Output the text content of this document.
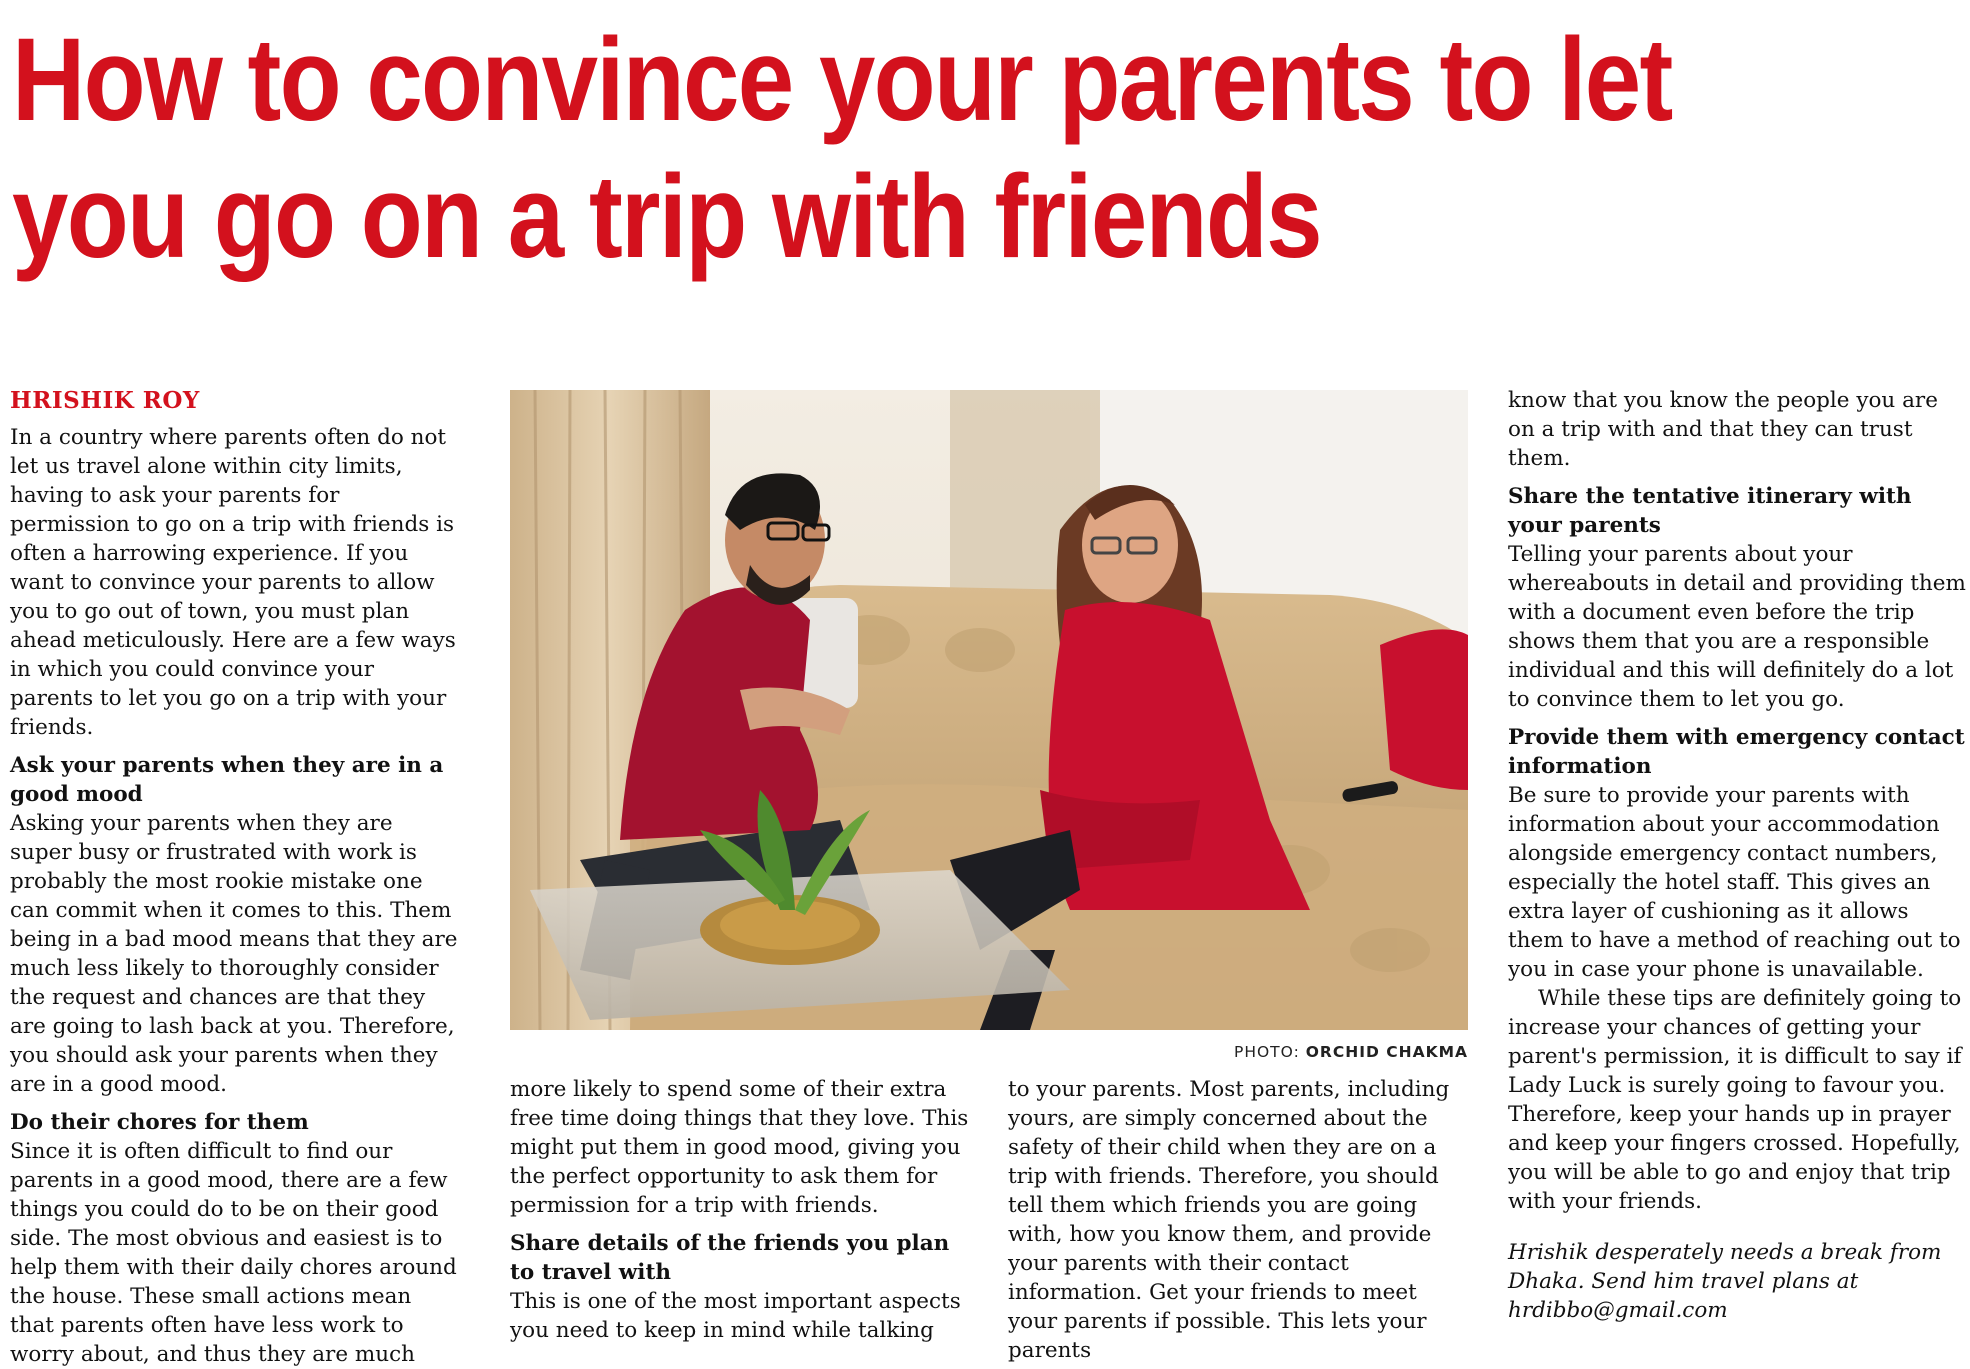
How to convince your parents to let
you go on a trip with friends

HRISHIK ROY

In a country where parents often do not let us travel alone within city limits, having to ask your parents for permission to go on a trip with friends is often a harrowing experience. If you want to convince your parents to allow you to go out of town, you must plan ahead meticulously. Here are a few ways in which you could convince your parents to let you go on a trip with your friends.

Ask your parents when they are in a good mood

Asking your parents when they are super busy or frustrated with work is probably the most rookie mistake one can commit when it comes to this. Them being in a bad mood means that they are much less likely to thoroughly consider the request and chances are that they are going to lash back at you. Therefore, you should ask your parents when they are in a good mood.

Do their chores for them

Since it is often difficult to find our parents in a good mood, there are a few things you could do to be on their good side. The most obvious and easiest is to help them with their daily chores around the house. These small actions mean that parents often have less work to worry about, and thus they are much

PHOTO: ORCHID CHAKMA

more likely to spend some of their extra free time doing things that they love. This might put them in good mood, giving you the perfect opportunity to ask them for permission for a trip with friends.

Share details of the friends you plan to travel with

This is one of the most important aspects you need to keep in mind while talking

to your parents. Most parents, including yours, are simply concerned about the safety of their child when they are on a trip with friends. Therefore, you should tell them which friends you are going with, how you know them, and provide your parents with their contact information. Get your friends to meet your parents if possible. This lets your parents

know that you know the people you are on a trip with and that they can trust them.

Share the tentative itinerary with your parents

Telling your parents about your whereabouts in detail and providing them with a document even before the trip shows them that you are a responsible individual and this will definitely do a lot to convince them to let you go.

Provide them with emergency contact information

Be sure to provide your parents with information about your accommodation alongside emergency contact numbers, especially the hotel staff. This gives an extra layer of cushioning as it allows them to have a method of reaching out to you in case your phone is unavailable.

While these tips are definitely going to increase your chances of getting your parent's permission, it is difficult to say if Lady Luck is surely going to favour you. Therefore, keep your hands up in prayer and keep your fingers crossed. Hopefully, you will be able to go and enjoy that trip with your friends.

Hrishik desperately needs a break from Dhaka. Send him travel plans at hrdibbo@gmail.com
